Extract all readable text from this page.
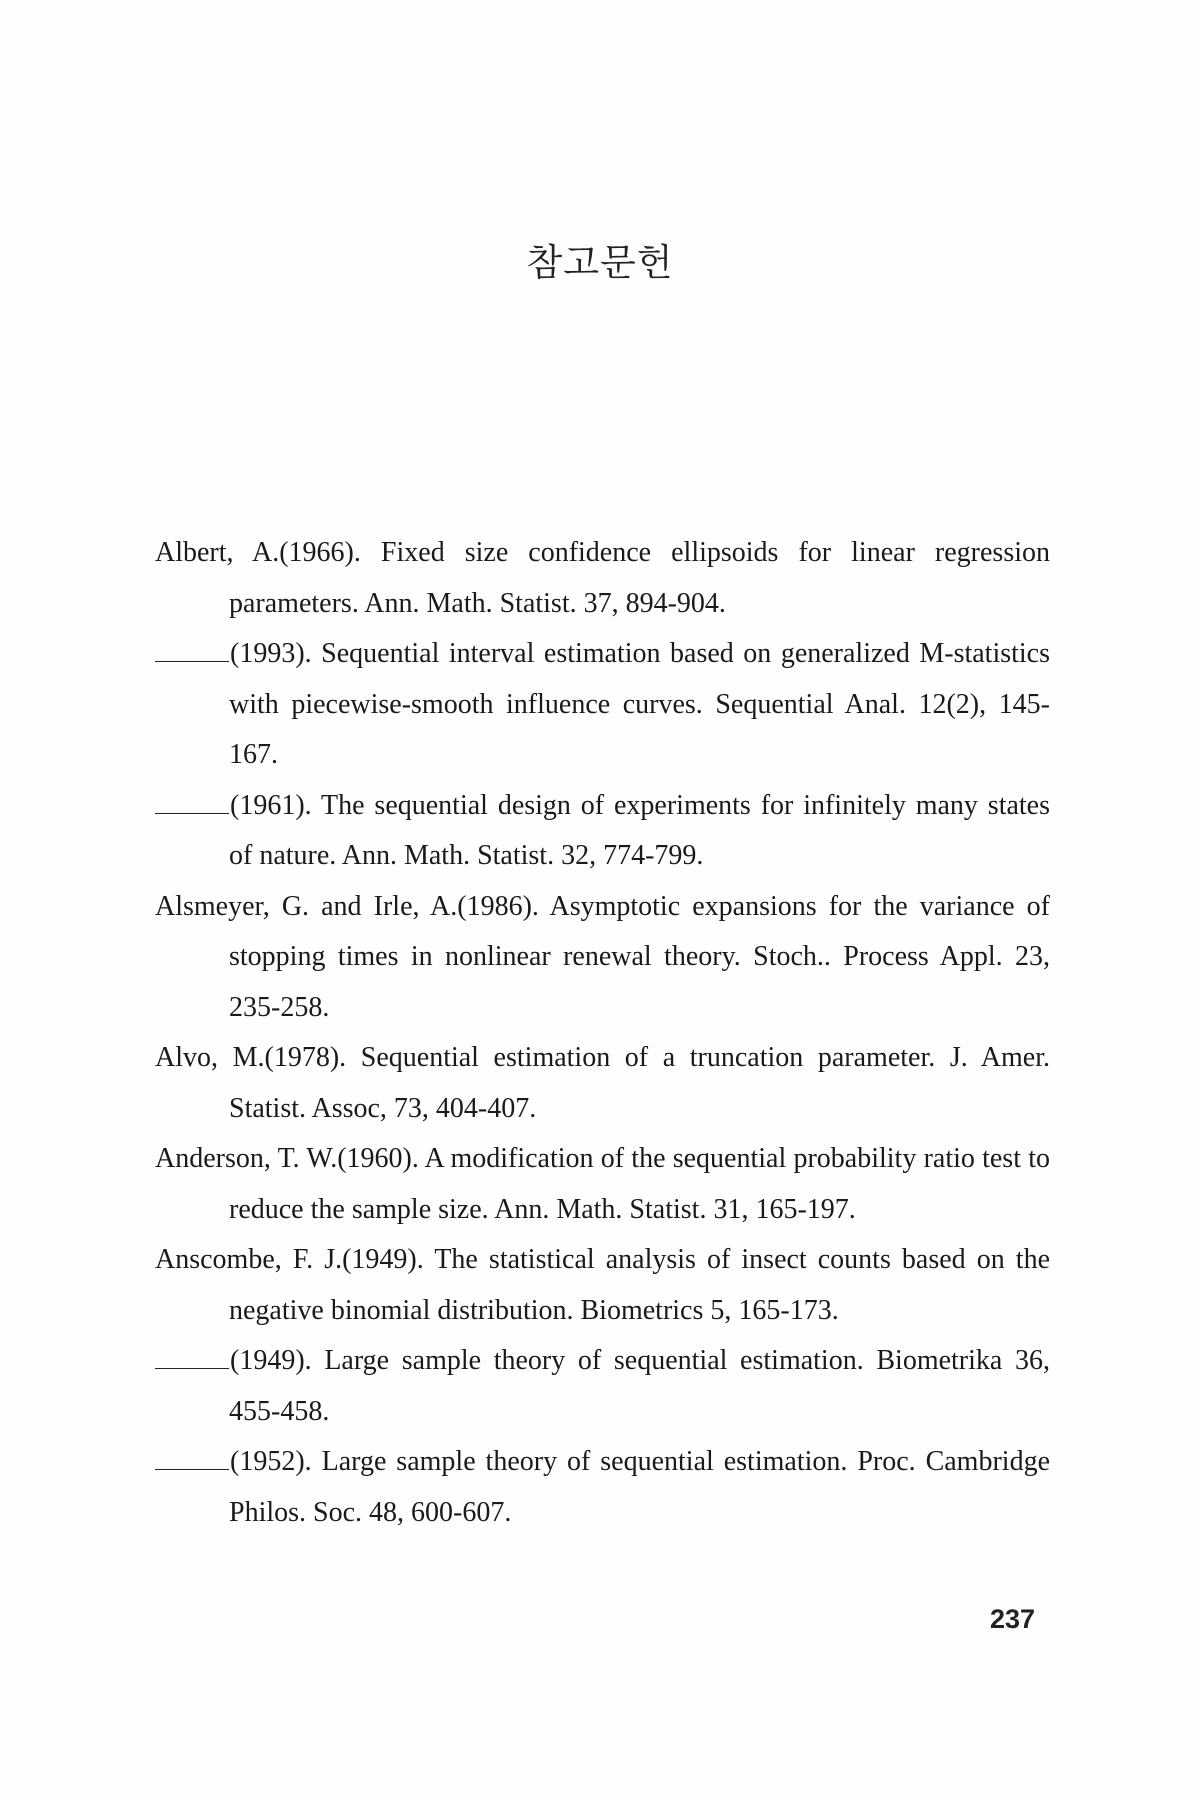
참고문헌

Albert, A.(1966). Fixed size confidence ellipsoids for linear regression parameters. Ann. Math. Statist. 37, 894-904.

(1993). Sequential interval estimation based on generalized M-statistics with piecewise-smooth influence curves. Sequential Anal. 12(2), 145-167.

(1961). The sequential design of experiments for infinitely many states of nature. Ann. Math. Statist. 32, 774-799.

Alsmeyer, G. and Irle, A.(1986). Asymptotic expansions for the variance of stopping times in nonlinear renewal theory. Stoch.. Process Appl. 23, 235-258.

Alvo, M.(1978). Sequential estimation of a truncation parameter. J. Amer. Statist. Assoc, 73, 404-407.

Anderson, T. W.(1960). A modification of the sequential probability ratio test to reduce the sample size. Ann. Math. Statist. 31, 165-197.

Anscombe, F. J.(1949). The statistical analysis of insect counts based on the negative binomial distribution. Biometrics 5, 165-173.

(1949). Large sample theory of sequential estimation. Biometrika 36, 455-458.

(1952). Large sample theory of sequential estimation. Proc. Cambridge Philos. Soc. 48, 600-607.

237
